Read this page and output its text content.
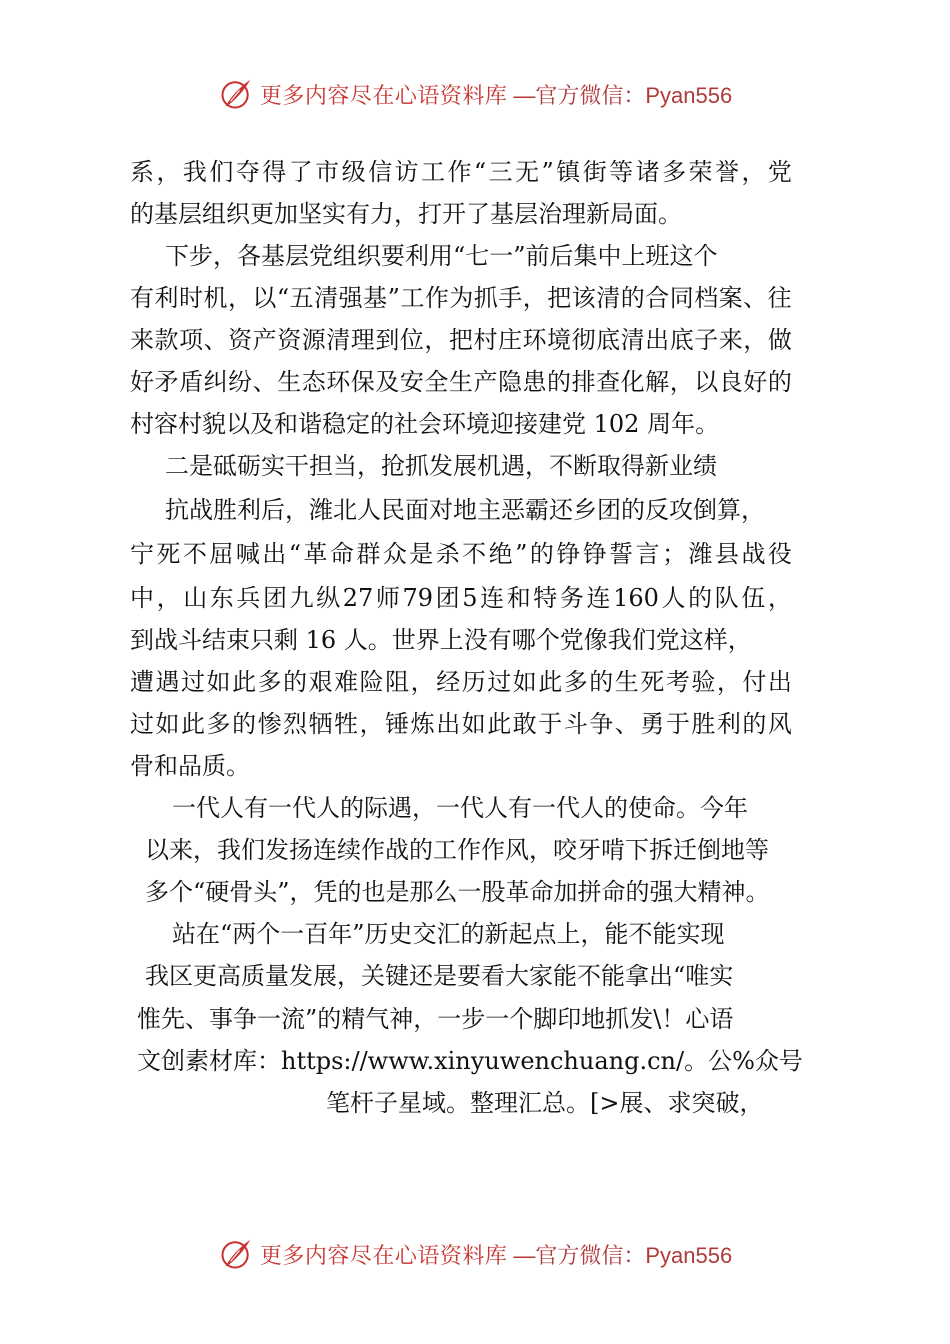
更多内容尽在心语资料库 —官方微信：Pyan556
系 ， 我 们 夺 得 了 市 级 信 访 工 作 “ 三 无 ” 镇 街 等 诸 多 荣 誉 ， 党
的基层组织更加坚实有力，打开了基层治理新局面。
下步，各基层党组织要利用“七一”前后集中上班这个
有 利 时 机 ， 以 “ 五 清 强 基 ” 工 作 为 抓 手 ， 把 该 清 的 合 同 档 案 、 往
来 款 项 、 资 产 资 源 清 理 到 位 ， 把 村 庄 环 境 彻 底 清 出 底 子 来 ， 做
好 矛 盾 纠 纷 、 生 态 环 保 及 安 全 生 产 隐 患 的 排 查 化 解 ， 以 良 好 的
村容村貌以及和谐稳定的社会环境迎接建党 102 周年。
二是砥砺实干担当，抢抓发展机遇，不断取得新业绩
抗战胜利后，潍北人民面对地主恶霸还乡团的反攻倒算，
宁 死 不 屈 喊 出 “ 革 命 群 众 是 杀 不 绝 ” 的 铮 铮 誓 言 ； 潍 县 战 役
中 ， 山 东 兵 团 九 纵 27 师 79 团 5 连 和 特 务 连 160 人 的 队 伍 ，
到战斗结束只剩 16 人。世界上没有哪个党像我们党这样，
遭 遇 过 如 此 多 的 艰 难 险 阻 ， 经 历 过 如 此 多 的 生 死 考 验 ， 付 出
过 如 此 多 的 惨 烈 牺 牲 ， 锤 炼 出 如 此 敢 于 斗 争 、 勇 于 胜 利 的 风
骨和品质。
一代人有一代人的际遇，一代人有一代人的使命。今年
以来，我们发扬连续作战的工作作风，咬牙啃下拆迁倒地等
多个“硬骨头”，凭的也是那么一股革命加拼命的强大精神。
站在“两个一百年”历史交汇的新起点上，能不能实现
我区更高质量发展，关键还是要看大家能不能拿出“唯实
惟先、事争一流”的精气神，一步一个脚印地抓发\！心语
文创素材库：https://www.xinyuwenchuang.cn/。公%众号
笔杆子星域。整理汇总。[>展、求突破，
更多内容尽在心语资料库 —官方微信：Pyan556
